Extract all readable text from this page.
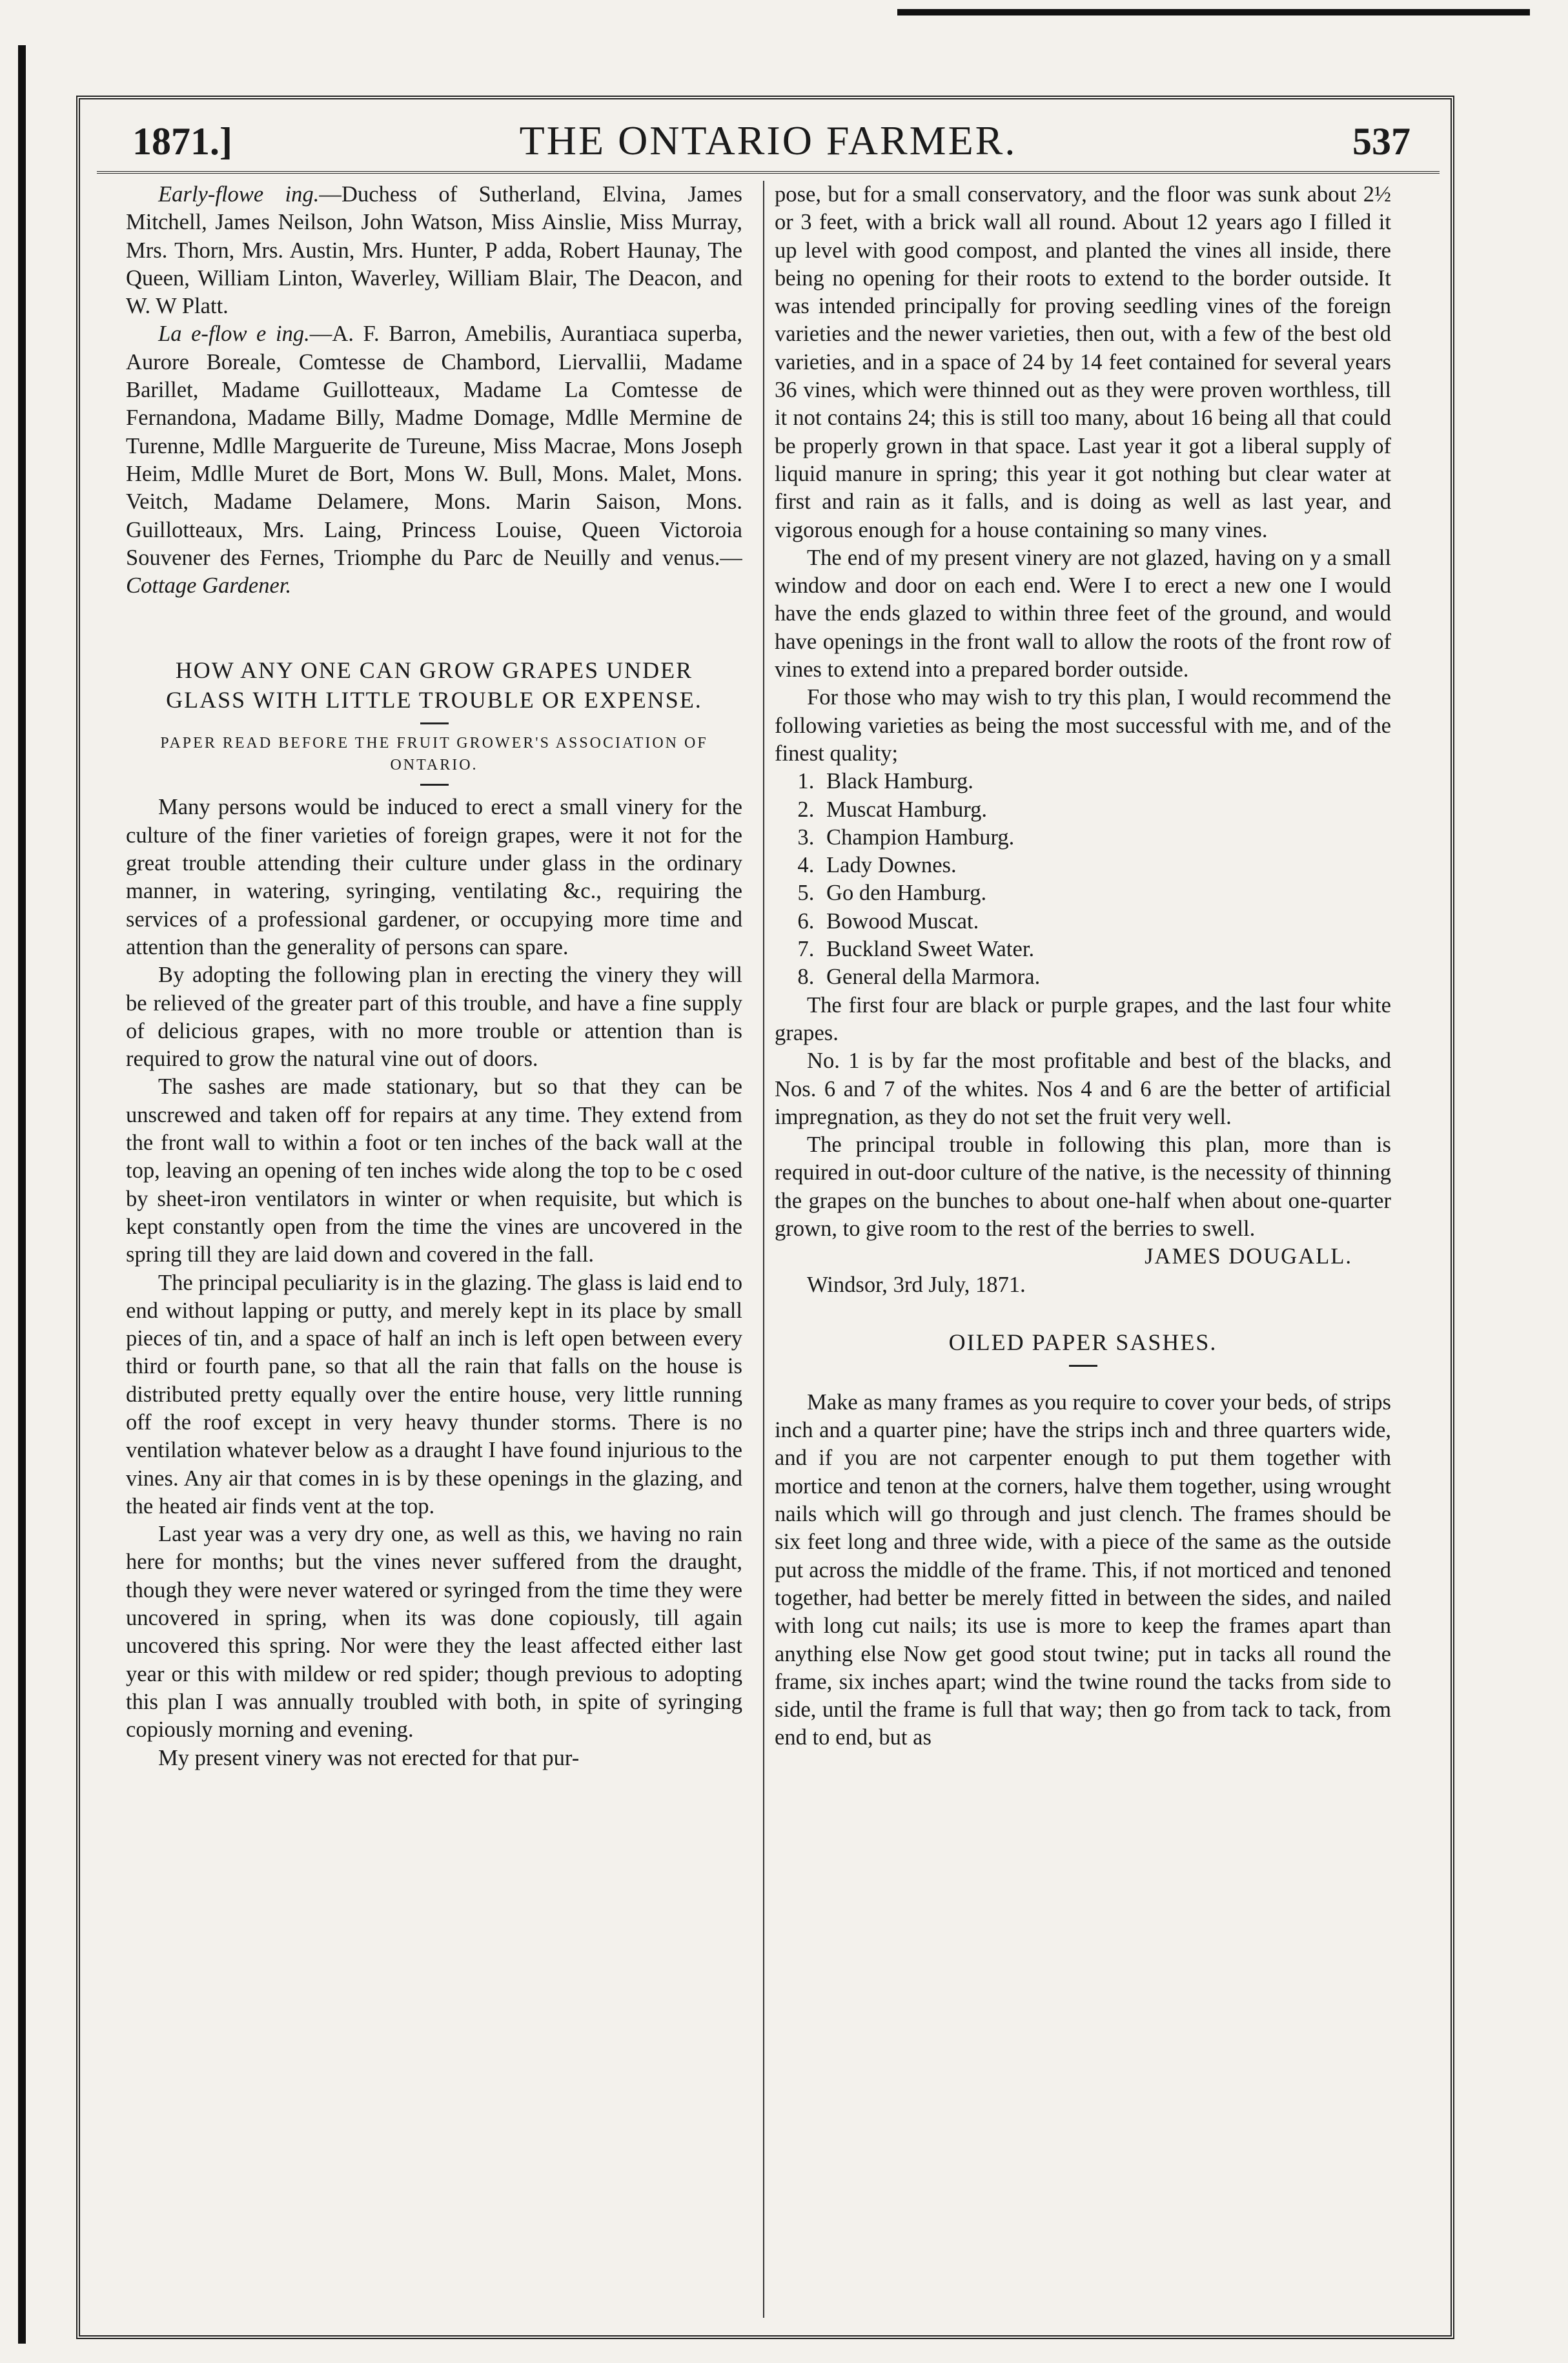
1871.]	THE ONTARIO FARMER.	537

Early-flowe ing.—Duchess of Sutherland, Elvina, James Mitchell, James Neilson, John Watson, Miss Ainslie, Miss Murray, Mrs. Thorn, Mrs. Austin, Mrs. Hunter, P adda, Robert Haunay, The Queen, William Linton, Waverley, William Blair, The Deacon, and W. W Platt.

La e-flow e ing.—A. F. Barron, Amebilis, Aurantiaca superba, Aurore Boreale, Comtesse de Chambord, Liervallii, Madame Barillet, Madame Guillotteaux, Madame La Comtesse de Fernandona, Madame Billy, Madme Domage, Mdlle Mermine de Turenne, Mdlle Marguerite de Tureune, Miss Macrae, Mons Joseph Heim, Mdlle Muret de Bort, Mons W. Bull, Mons. Malet, Mons. Veitch, Madame Delamere, Mons. Marin Saison, Mons. Guillotteaux, Mrs. Laing, Princess Louise, Queen Victoroia Souvener des Fernes, Triomphe du Parc de Neuilly and venus.—Cottage Gardener.

HOW ANY ONE CAN GROW GRAPES UNDER GLASS WITH LITTLE TROUBLE OR EXPENSE.
PAPER READ BEFORE THE FRUIT GROWER'S ASSOCIATION OF ONTARIO.

Many persons would be induced to erect a small vinery for the culture of the finer varieties of foreign grapes, were it not for the great trouble attending their culture under glass in the ordinary manner, in watering, syringing, ventilating &c., requiring the services of a professional gardener, or occupying more time and attention than the generality of persons can spare.

By adopting the following plan in erecting the vinery they will be relieved of the greater part of this trouble, and have a fine supply of delicious grapes, with no more trouble or attention than is required to grow the natural vine out of doors.

The sashes are made stationary, but so that they can be unscrewed and taken off for repairs at any time. They extend from the front wall to within a foot or ten inches of the back wall at the top, leaving an opening of ten inches wide along the top to be c osed by sheet-iron ventilators in winter or when requisite, but which is kept constantly open from the time the vines are uncovered in the spring till they are laid down and covered in the fall.

The principal peculiarity is in the glazing. The glass is laid end to end without lapping or putty, and merely kept in its place by small pieces of tin, and a space of half an inch is left open between every third or fourth pane, so that all the rain that falls on the house is distributed pretty equally over the entire house, very little running off the roof except in very heavy thunder storms. There is no ventilation whatever below as a draught I have found injurious to the vines. Any air that comes in is by these openings in the glazing, and the heated air finds vent at the top.

Last year was a very dry one, as well as this, we having no rain here for months; but the vines never suffered from the draught, though they were never watered or syringed from the time they were uncovered in spring, when its was done copiously, till again uncovered this spring. Nor were they the least affected either last year or this with mildew or red spider; though previous to adopting this plan I was annually troubled with both, in spite of syringing copiously morning and evening.

My present vinery was not erected for that pur-

pose, but for a small conservatory, and the floor was sunk about 2½ or 3 feet, with a brick wall all round. About 12 years ago I filled it up level with good compost, and planted the vines all inside, there being no opening for their roots to extend to the border outside. It was intended principally for proving seedling vines of the foreign varieties and the newer varieties, then out, with a few of the best old varieties, and in a space of 24 by 14 feet contained for several years 36 vines, which were thinned out as they were proven worthless, till it not contains 24; this is still too many, about 16 being all that could be properly grown in that space. Last year it got a liberal supply of liquid manure in spring; this year it got nothing but clear water at first and rain as it falls, and is doing as well as last year, and vigorous enough for a house containing so many vines.

The end of my present vinery are not glazed, having on y a small window and door on each end. Were I to erect a new one I would have the ends glazed to within three feet of the ground, and would have openings in the front wall to allow the roots of the front row of vines to extend into a prepared border outside.

For those who may wish to try this plan, I would recommend the following varieties as being the most successful with me, and of the finest quality;

1. Black Hamburg.
2. Muscat Hamburg.
3. Champion Hamburg.
4. Lady Downes.
5. Go den Hamburg.
6. Bowood Muscat.
7. Buckland Sweet Water.
8. General della Marmora.

The first four are black or purple grapes, and the last four white grapes.

No. 1 is by far the most profitable and best of the blacks, and Nos. 6 and 7 of the whites. Nos 4 and 6 are the better of artificial impregnation, as they do not set the fruit very well.

The principal trouble in following this plan, more than is required in out-door culture of the native, is the necessity of thinning the grapes on the bunches to about one-half when about one-quarter grown, to give room to the rest of the berries to swell.

JAMES DOUGALL.

Windsor, 3rd July, 1871.

OILED PAPER SASHES.

Make as many frames as you require to cover your beds, of strips inch and a quarter pine; have the strips inch and three quarters wide, and if you are not carpenter enough to put them together with mortice and tenon at the corners, halve them together, using wrought nails which will go through and just clench. The frames should be six feet long and three wide, with a piece of the same as the outside put across the middle of the frame. This, if not morticed and tenoned together, had better be merely fitted in between the sides, and nailed with long cut nails; its use is more to keep the frames apart than anything else Now get good stout twine; put in tacks all round the frame, six inches apart; wind the twine round the tacks from side to side, until the frame is full that way; then go from tack to tack, from end to end, but as
